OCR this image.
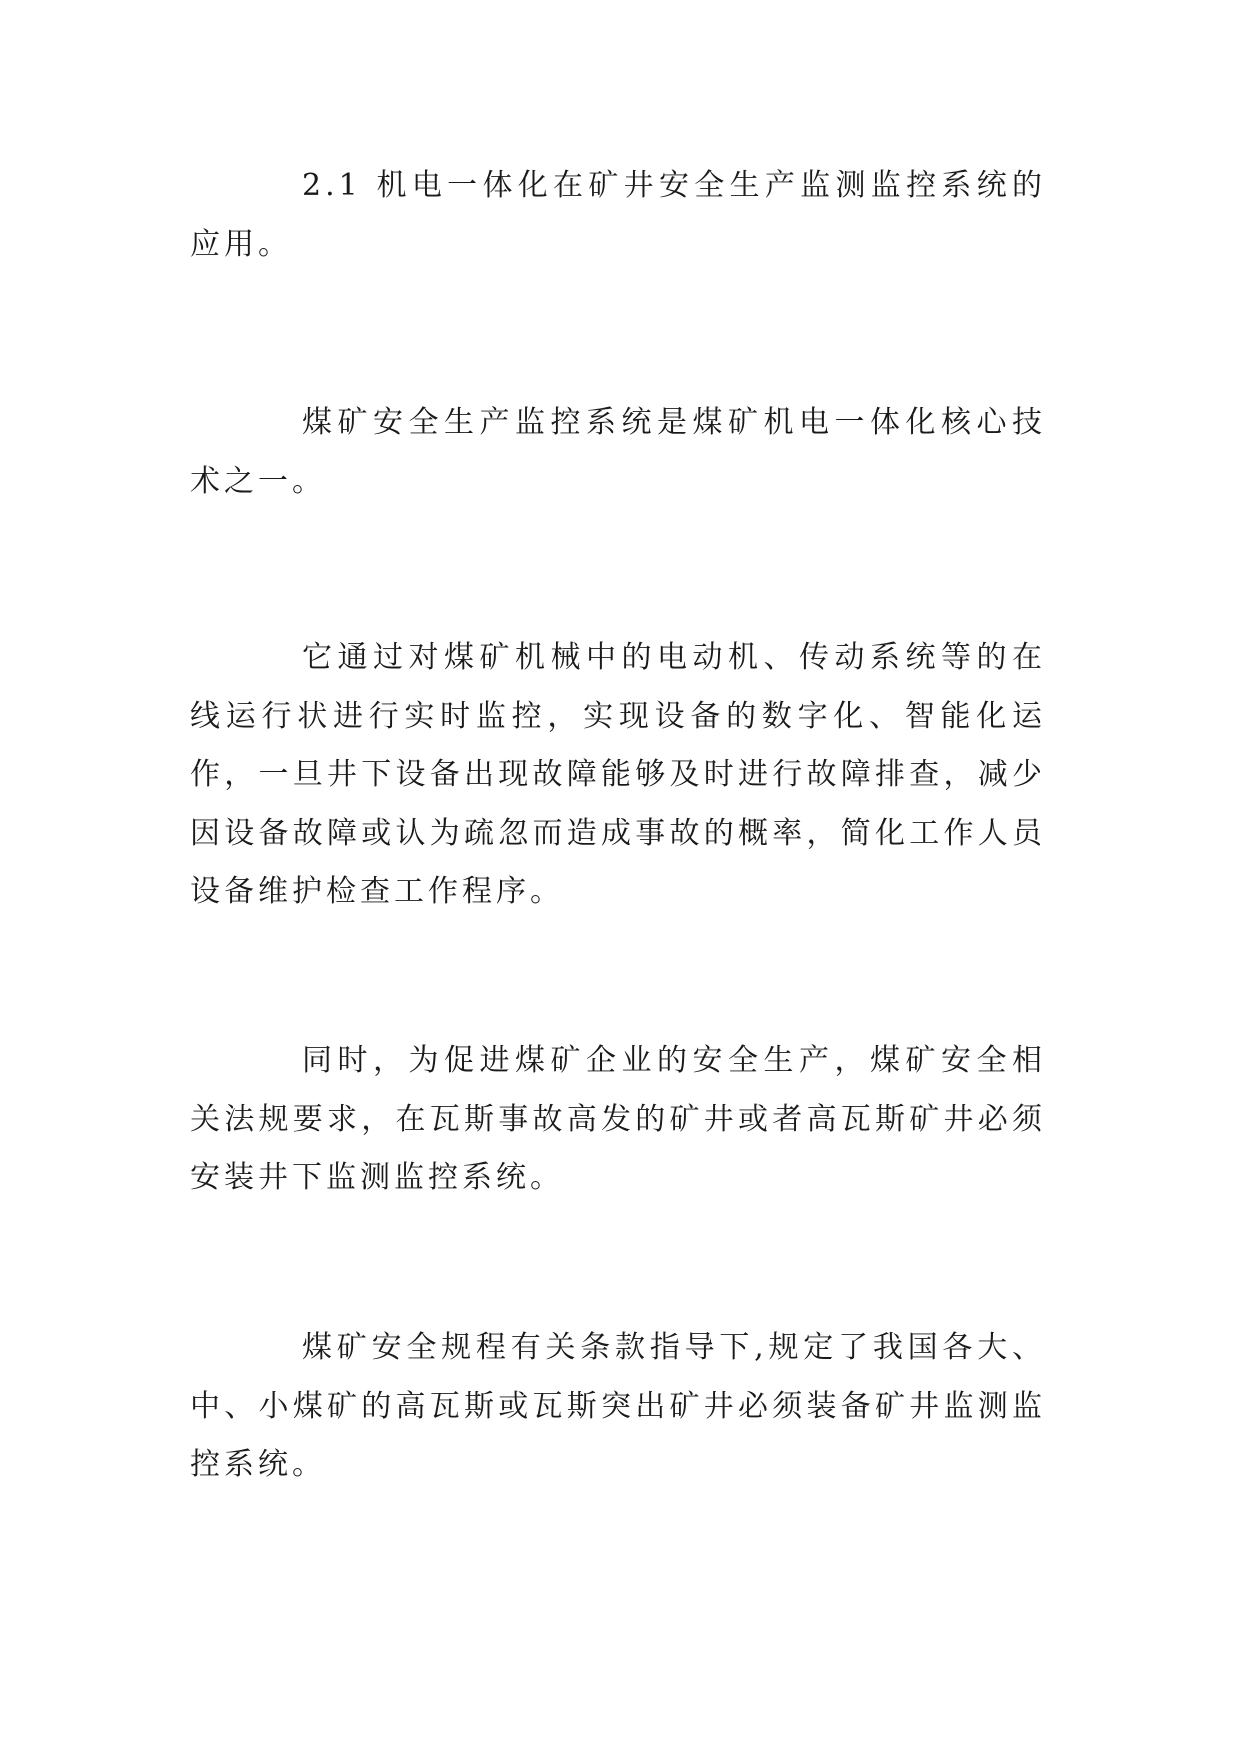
2.1 机电一体化在矿井安全生产监测监控系统的应用。

煤矿安全生产监控系统是煤矿机电一体化核心技术之一。

它通过对煤矿机械中的电动机、传动系统等的在线运行状进行实时监控，实现设备的数字化、智能化运作，一旦井下设备出现故障能够及时进行故障排查，减少因设备故障或认为疏忽而造成事故的概率，简化工作人员设备维护检查工作程序。

同时，为促进煤矿企业的安全生产，煤矿安全相关法规要求，在瓦斯事故高发的矿井或者高瓦斯矿井必须安装井下监测监控系统。

煤矿安全规程有关条款指导下,规定了我国各大、中、小煤矿的高瓦斯或瓦斯突出矿井必须装备矿井监测监控系统。
